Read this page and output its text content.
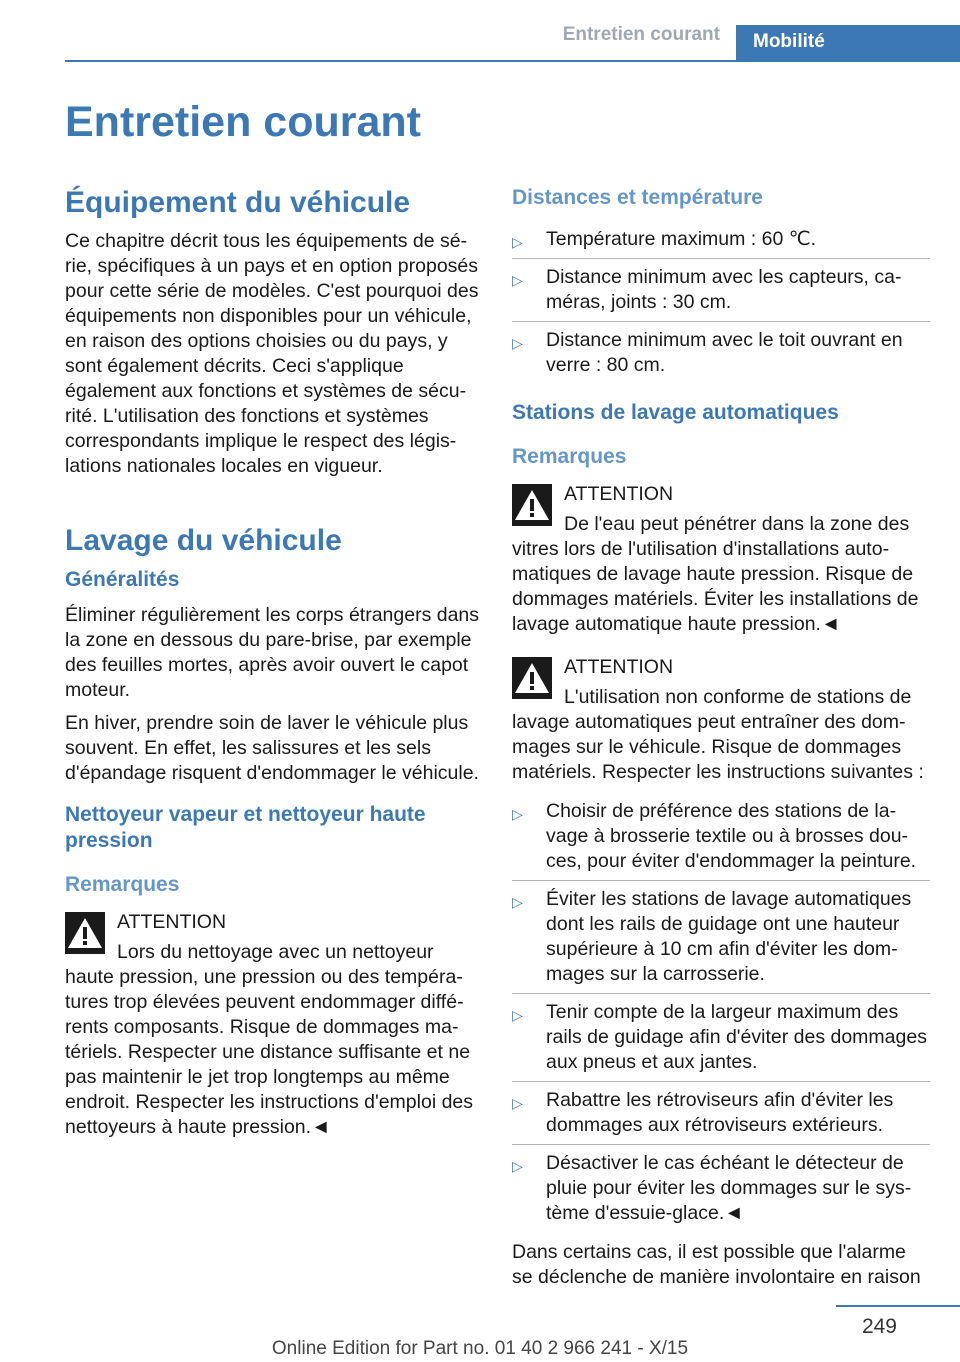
Entretien courant	Mobilité
Entretien courant
Équipement du véhicule

Ce chapitre décrit tous les équipements de série, spécifiques à un pays et en option proposés pour cette série de modèles. C'est pourquoi des équipements non disponibles pour un véhicule, en raison des options choisies ou du pays, y sont également décrits. Ceci s'applique également aux fonctions et systèmes de sécurité. L'utilisation des fonctions et systèmes correspondants implique le respect des législations nationales locales en vigueur.

Lavage du véhicule
Généralités

Éliminer régulièrement les corps étrangers dans la zone en dessous du pare-brise, par exemple des feuilles mortes, après avoir ouvert le capot moteur.

En hiver, prendre soin de laver le véhicule plus souvent. En effet, les salissures et les sels d'épandage risquent d'endommager le véhicule.

Nettoyeur vapeur et nettoyeur haute pression
Remarques
ATTENTION
Lors du nettoyage avec un nettoyeur haute pression, une pression ou des températures trop élevées peuvent endommager différents composants. Risque de dommages matériels. Respecter une distance suffisante et ne pas maintenir le jet trop longtemps au même endroit. Respecter les instructions d'emploi des nettoyeurs à haute pression.◄
Distances et température
▷ Température maximum : 60 ℃.
▷ Distance minimum avec les capteurs, caméras, joints : 30 cm.
▷ Distance minimum avec le toit ouvrant en verre : 80 cm.
Stations de lavage automatiques
Remarques
ATTENTION
De l'eau peut pénétrer dans la zone des vitres lors de l'utilisation d'installations automatiques de lavage haute pression. Risque de dommages matériels. Éviter les installations de lavage automatique haute pression.◄
ATTENTION
L'utilisation non conforme de stations de lavage automatiques peut entraîner des dommages sur le véhicule. Risque de dommages matériels. Respecter les instructions suivantes :
▷ Choisir de préférence des stations de lavage à brosserie textile ou à brosses douces, pour éviter d'endommager la peinture.
▷ Éviter les stations de lavage automatiques dont les rails de guidage ont une hauteur supérieure à 10 cm afin d'éviter les dommages sur la carrosserie.
▷ Tenir compte de la largeur maximum des rails de guidage afin d'éviter des dommages aux pneus et aux jantes.
▷ Rabattre les rétroviseurs afin d'éviter les dommages aux rétroviseurs extérieurs.
▷ Désactiver le cas échéant le détecteur de pluie pour éviter les dommages sur le système d'essuie-glace.◄

Dans certains cas, il est possible que l'alarme se déclenche de manière involontaire en raison

249
Online Edition for Part no. 01 40 2 966 241 - X/15
